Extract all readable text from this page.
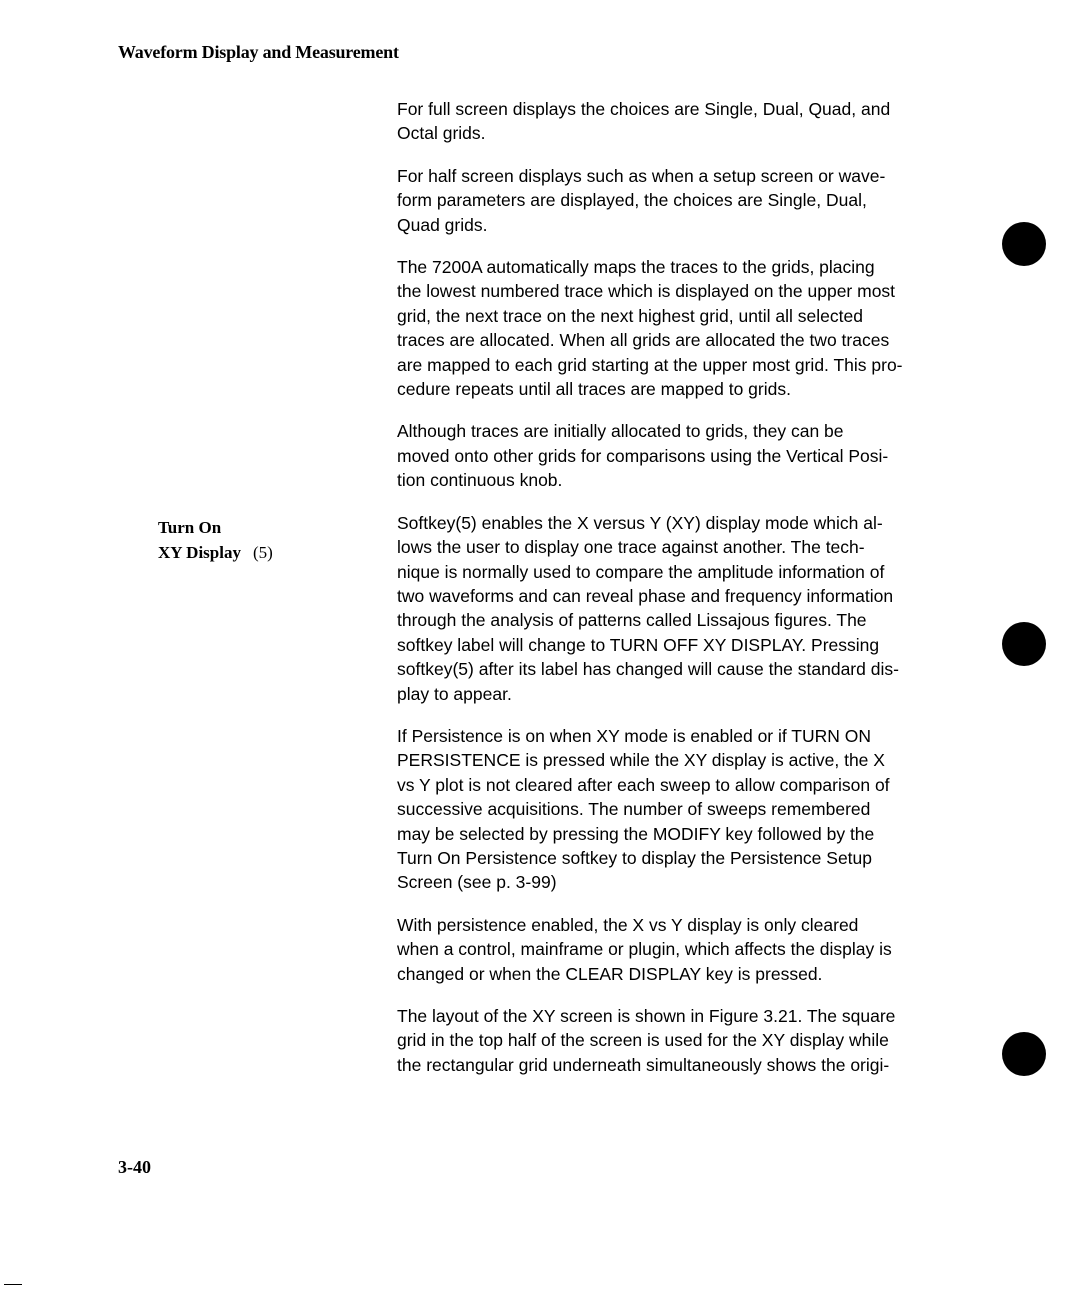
Waveform Display and Measurement
Turn On
XY Display (5)

For full screen displays the choices are Single, Dual, Quad, and
Octal grids.

For half screen displays such as when a setup screen or wave-
form parameters are displayed, the choices are Single, Dual,
Quad grids.

The 7200A automatically maps the traces to the grids, placing
the lowest numbered trace which is displayed on the upper most
grid, the next trace on the next highest grid, until all selected
traces are allocated. When all grids are allocated the two traces
are mapped to each grid starting at the upper most grid. This pro-
cedure repeats until all traces are mapped to grids.

Although traces are initially allocated to grids, they can be
moved onto other grids for comparisons using the Vertical Posi-
tion continuous knob.

Softkey(5) enables the X versus Y (XY) display mode which al-
lows the user to display one trace against another. The tech-
nique is normally used to compare the amplitude information of
two waveforms and can reveal phase and frequency information
through the analysis of patterns called Lissajous figures. The
softkey label will change to TURN OFF XY DISPLAY. Pressing
softkey(5) after its label has changed will cause the standard dis-
play to appear.

If Persistence is on when XY mode is enabled or if TURN ON
PERSISTENCE is pressed while the XY display is active, the X
vs Y plot is not cleared after each sweep to allow comparison of
successive acquisitions. The number of sweeps remembered
may be selected by pressing the MODIFY key followed by the
Turn On Persistence softkey to display the Persistence Setup
Screen (see p. 3-99)

With persistence enabled, the X vs Y display is only cleared
when a control, mainframe or plugin, which affects the display is
changed or when the CLEAR DISPLAY key is pressed.

The layout of the XY screen is shown in Figure 3.21. The square
grid in the top half of the screen is used for the XY display while
the rectangular grid underneath simultaneously shows the origi-

3-40
